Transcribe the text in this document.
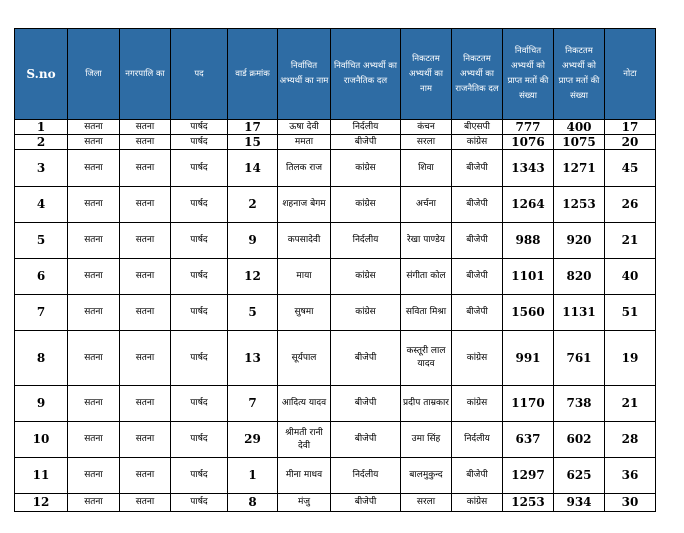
S.no	जिला	नगरपालि का	पद	वार्ड क्रमांक	निर्वाचित अभ्यर्थी का नाम	निर्वाचित अभ्यर्थी का राजनैतिक दल	निकटतम अभ्यर्थी का नाम	निकटतम अभ्यर्थी का राजनैतिक दल	निर्वाचित अभ्यर्थी को प्राप्त मतों की संख्या	निकटतम अभ्यर्थी को प्राप्त मतों की संख्या	नोटा
1	सतना	सतना	पार्षद	17	ऊषा देवी	निर्दलीय	कंचन	बीएसपी	777	400	17
2	सतना	सतना	पार्षद	15	ममता	बीजेपी	सरला	कांग्रेस	1076	1075	20
3	सतना	सतना	पार्षद	14	तिलक राज	कांग्रेस	शिवा	बीजेपी	1343	1271	45
4	सतना	सतना	पार्षद	2	शहनाज बेगम	कांग्रेस	अर्चना	बीजेपी	1264	1253	26
5	सतना	सतना	पार्षद	9	कपसादेवी	निर्दलीय	रेखा पाण्डेय	बीजेपी	988	920	21
6	सतना	सतना	पार्षद	12	माया	कांग्रेस	संगीता कोल	बीजेपी	1101	820	40
7	सतना	सतना	पार्षद	5	सुषमा	कांग्रेस	सविता मिश्रा	बीजेपी	1560	1131	51
8	सतना	सतना	पार्षद	13	सूर्यपाल	बीजेपी	कस्तूरी लाल यादव	कांग्रेस	991	761	19
9	सतना	सतना	पार्षद	7	आदित्य यादव	बीजेपी	प्रदीप ताम्रकार	कांग्रेस	1170	738	21
10	सतना	सतना	पार्षद	29	श्रीमती रानी देवी	बीजेपी	उमा सिंह	निर्दलीय	637	602	28
11	सतना	सतना	पार्षद	1	मीना माधव	निर्दलीय	बालमुकुन्द	बीजेपी	1297	625	36
12	सतना	सतना	पार्षद	8	मंजु	बीजेपी	सरला	कांग्रेस	1253	934	30
